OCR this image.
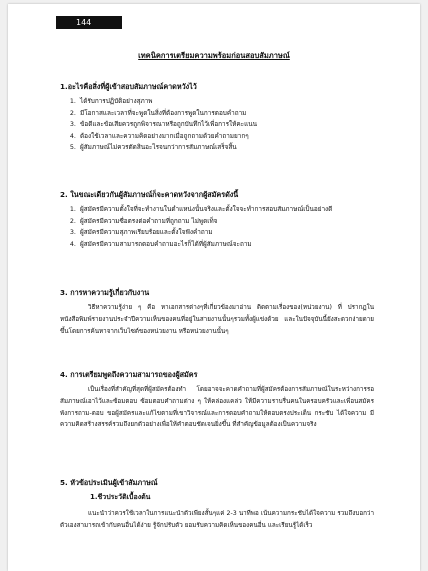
144
เทคนิคการเตรียมความพร้อมก่อนสอบสัมภาษณ์
1.อะไรคือสิ่งที่ผู้เข้าสอบสัมภาษณ์คาดหวังไว้
1. ได้รับการปฏิบัติอย่างสุภาพ
2. มีโอกาสและเวลาที่จะพูดในสิ่งที่ต้องการพูดในการตอบคำถาม
3. ข้อดีและข้อเสียควรถูกพิจารณาหรือถูกบันทึกไว้เพื่อการให้คะแนน
4. ต้องใช้เวลาและความคิดอย่างมากเมื่อถูกถามด้วยคำถามยากๆ
5. ผู้สัมภาษณ์ไม่ควรตัดสินอะไรจนกว่าการสัมภาษณ์เสร็จสิ้น
2. ในขณะเดียวกันผู้สัมภาษณ์ก็จะคาดหวังจากผู้สมัครดังนี้
1. ผู้สมัครมีความตั้งใจที่จะทำงานในตำแหน่งนั้นจริงและตั้งใจจะทำการสอบสัมภาษณ์เป็นอย่างดี
2. ผู้สมัครมีความซื่อตรงต่อคำถามที่ถูกถาม ไม่พูดเท็จ
3. ผู้สมัครมีความสุภาพเรียบร้อยและตั้งใจฟังคำถาม
4. ผู้สมัครมีความสามารถตอบคำถามอะไรก็ได้ที่ผู้สัมภาษณ์จะถาม
3. การหาความรู้เกี่ยวกับงาน

วิธีหาความรู้ง่าย ๆ คือ หาเอกสารต่างๆที่เกี่ยวข้องมาอ่าน ติดตามเรื่องของ(หน่วยงาน) ที่ ปรากฏในหนังสือพิมพ์รายงานประจำปีความเห็นของคนที่อยู่ในสายงานนั้นๆรวมทั้งผู้แข่งด้วย และในปัจจุบันนี้ยังสะดวกง่ายดายขึ้นโดยการค้นหาจากเว็บไซต์ของหน่วยงาน หรือหน่วยงานนั้นๆ

4. การเตรียมพูดถึงความสามารถของผู้สมัคร

เป็นเรื่องที่สำคัญที่สุดที่ผู้สมัครต้องทำ โดยอาจจะคาดคำถามที่ผู้สมัครต้องการสัมภาษณ์ในระหว่างการรอสัมภาษณ์เอาไว้และซ้อมตอบ ซ้อมตอบคำถามต่าง ๆ ให้คล่องแคล่ว ให้มีความราบรื่นคนในครอบครัวและเพื่อนสมัครพังการถาม-ตอบ ขอผู้สมัครและแก้ไขตามที่เขาวิจารณ์และการตอบคำถามให้ตอบตรงประเด็น กระชับ ได้ใจความ มีความคิดสร้างสรรค์รวมถึงยกตัวอย่างเพื่อให้คำตอบชัดเจนยิ่งขึ้น ที่สำคัญข้อมูลต้องเป็นความจริง

5. หัวข้อประเมินผู้เข้าสัมภาษณ์
1.ชีวประวัติเบื้องต้น

แนะนำว่าควรใช้เวลาในการแนะนำตัวเพียงสั้นๆแค่ 2-3 นาทีพอ เน้นความกระชับได้ใจความ รวมถึงบอกว่าตัวเองสามารถเข้ากับคนอื่นได้ง่าย รู้จักปรับตัว ยอมรับความคิดเห็นของคนอื่น และเรียนรู้ได้เร็ว
